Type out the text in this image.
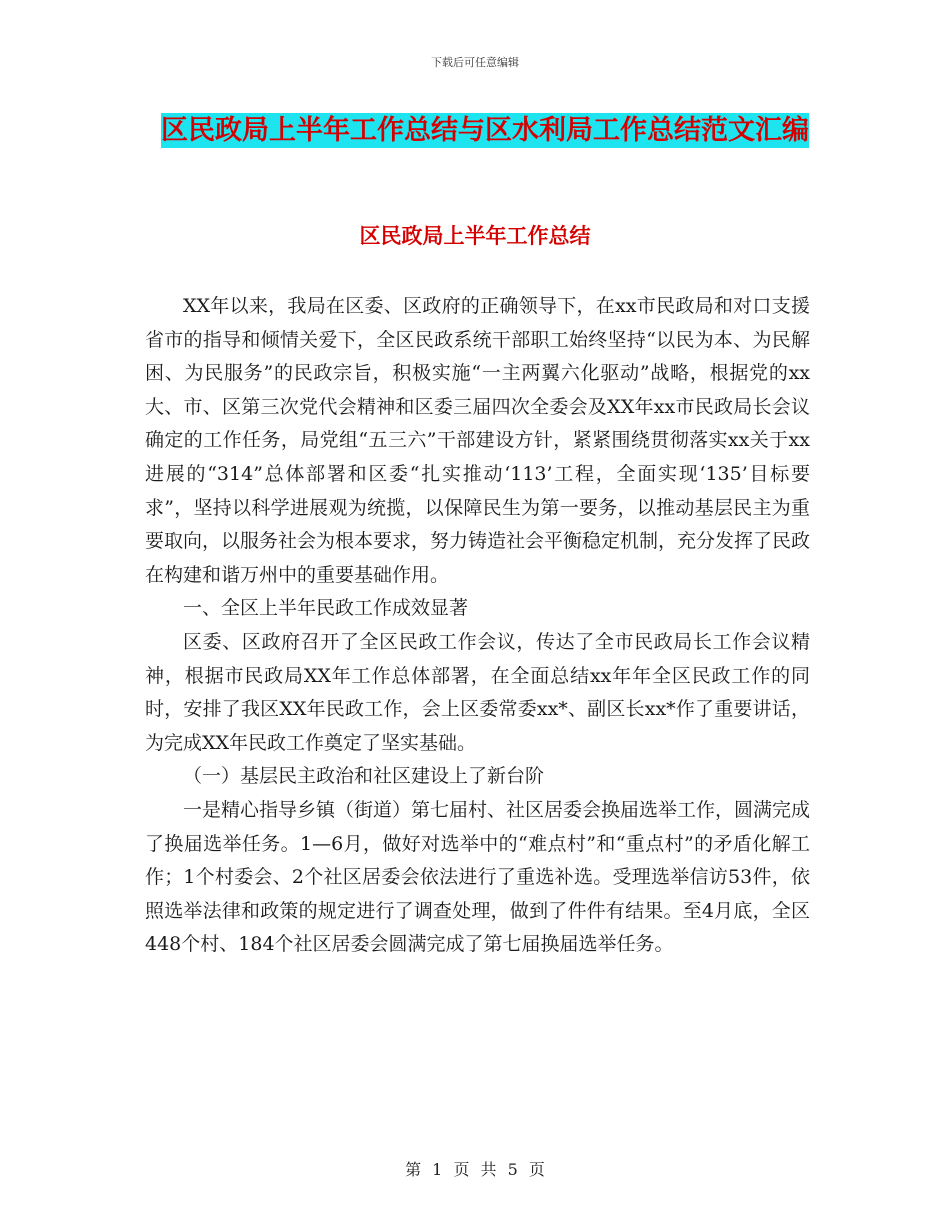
下载后可任意编辑
区民政局上半年工作总结与区水利局工作总结范文汇编
区民政局上半年工作总结

XX年以来，我局在区委、区政府的正确领导下，在xx市民政局和对口支援省市的指导和倾情关爱下，全区民政系统干部职工始终坚持“以民为本、为民解困、为民服务”的民政宗旨，积极实施“一主两翼六化驱动”战略，根据党的xx大、市、区第三次党代会精神和区委三届四次全委会及XX年xx市民政局长会议确定的工作任务，局党组“五三六”干部建设方针，紧紧围绕贯彻落实xx关于xx进展的“314”总体部署和区委“扎实推动‘113’工程，全面实现‘135’目标要求”，坚持以科学进展观为统揽，以保障民生为第一要务，以推动基层民主为重要取向，以服务社会为根本要求，努力铸造社会平衡稳定机制，充分发挥了民政在构建和谐万州中的重要基础作用。

一、全区上半年民政工作成效显著

区委、区政府召开了全区民政工作会议，传达了全市民政局长工作会议精神，根据市民政局XX年工作总体部署，在全面总结xx年年全区民政工作的同时，安排了我区XX年民政工作，会上区委常委xx*、副区长xx*作了重要讲话，为完成XX年民政工作奠定了坚实基础。

（一）基层民主政治和社区建设上了新台阶

一是精心指导乡镇（街道）第七届村、社区居委会换届选举工作，圆满完成了换届选举任务。1—6月，做好对选举中的“难点村”和“重点村”的矛盾化解工作；1个村委会、2个社区居委会依法进行了重选补选。受理选举信访53件，依照选举法律和政策的规定进行了调查处理，做到了件件有结果。至4月底，全区448个村、184个社区居委会圆满完成了第七届换届选举任务。

第 1 页 共 5 页
